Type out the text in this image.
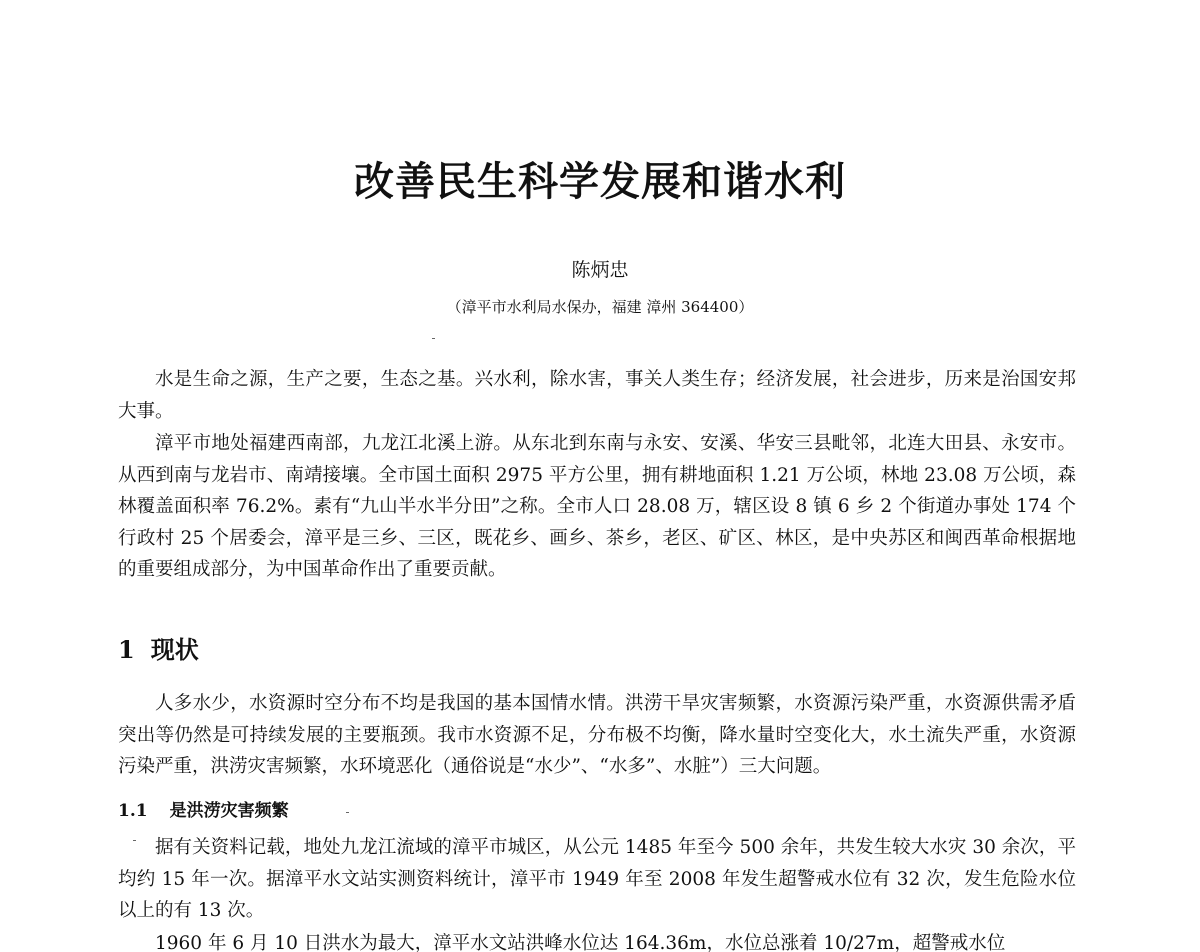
改善民生科学发展和谐水利
陈炳忠
（漳平市水利局水保办，福建 漳州 364400）

水是生命之源，生产之要，生态之基。兴水利，除水害，事关人类生存；经济发展，社会进步，历来是治国安邦大事。

漳平市地处福建西南部，九龙江北溪上游。从东北到东南与永安、安溪、华安三县毗邻，北连大田县、永安市。从西到南与龙岩市、南靖接壤。全市国土面积 2975 平方公里，拥有耕地面积 1.21 万公顷，林地 23.08 万公顷，森林覆盖面积率 76.2%。素有“九山半水半分田”之称。全市人口 28.08 万，辖区设 8 镇 6 乡 2 个街道办事处 174 个行政村 25 个居委会，漳平是三乡、三区，既花乡、画乡、茶乡，老区、矿区、林区，是中央苏区和闽西革命根据地的重要组成部分，为中国革命作出了重要贡献。

1 现状

人多水少，水资源时空分布不均是我国的基本国情水情。洪涝干旱灾害频繁，水资源污染严重，水资源供需矛盾突出等仍然是可持续发展的主要瓶颈。我市水资源不足，分布极不均衡，降水量时空变化大，水土流失严重，水资源污染严重，洪涝灾害频繁，水环境恶化（通俗说是“水少”、“水多”、水脏”）三大问题。

1.1 是洪涝灾害频繁

据有关资料记载，地处九龙江流域的漳平市城区，从公元 1485 年至今 500 余年，共发生较大水灾 30 余次，平均约 15 年一次。据漳平水文站实测资料统计，漳平市 1949 年至 2008 年发生超警戒水位有 32 次，发生危险水位以上的有 13 次。

1960 年 6 月 10 日洪水为最大，漳平水文站洪峰水位达 164.36m，水位总涨着 10/27m，超警戒水位
